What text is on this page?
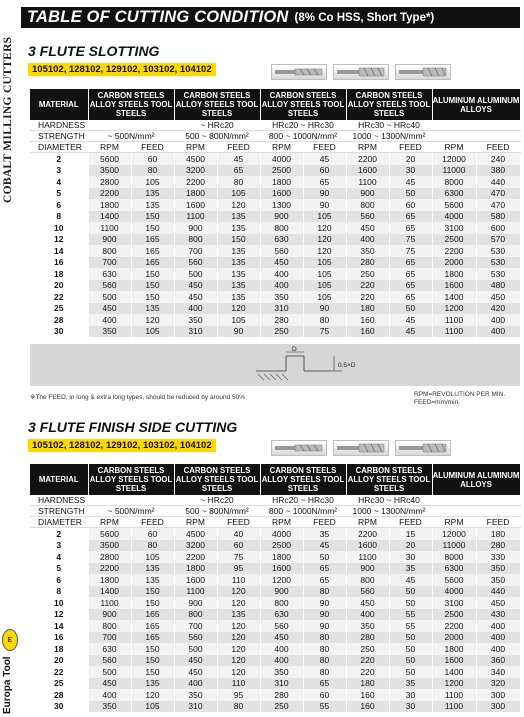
COBALT MILLING CUTTERS
TABLE OF CUTTING CONDITION (8% Co HSS, Short Type*)
3 FLUTE SLOTTING
105102, 128102, 129102, 103102, 104102
MATERIAL	CARBON STEELS ALLOY STEELS TOOL STEELS		CARBON STEELS ALLOY STEELS TOOL STEELS		CARBON STEELS ALLOY STEELS TOOL STEELS		CARBON STEELS ALLOY STEELS TOOL STEELS		ALUMINUM ALUMINUM ALLOYS	
HARDNESS			~ HRc20		HRc20 ~ HRc30		HRc30 ~ HRc40			
STRENGTH	~ 500N/mm²		500 ~ 800N/mm²		800 ~ 1000N/mm²		1000 ~ 1300N/mm²			
DIAMETER	RPM	FEED	RPM	FEED	RPM	FEED	RPM	FEED	RPM	FEED
2	5600	60	4500	45	4000	45	2200	20	12000	240
3	3500	80	3200	65	2500	60	1600	30	11000	380
4	2800	105	2200	80	1800	65	1100	45	8000	440
5	2200	135	1800	105	1600	90	900	50	6300	470
6	1800	135	1600	120	1300	90	800	60	5600	470
8	1400	150	1100	135	900	105	560	65	4000	580
10	1100	150	900	135	800	120	450	65	3100	600
12	900	165	800	150	630	120	400	75	2500	570
14	800	165	700	135	560	120	350	75	2200	530
16	700	165	560	135	450	105	280	65	2000	530
18	630	150	500	135	400	105	250	65	1800	530
20	560	150	450	135	400	105	220	65	1600	480
22	500	150	450	135	350	105	220	65	1400	450
25	450	135	400	120	310	90	180	50	1200	420
28	400	120	350	105	280	80	160	45	1100	400
30	350	105	310	90	250	75	160	45	1100	400
D
0.5×D
※The FEED, in long & extra long types, should be reduced by around 50%	RPM=REVOLUTION PER MIN.
FEED=mm/min.
3 FLUTE FINISH SIDE CUTTING
105102, 128102, 129102, 103102, 104102
MATERIAL	CARBON STEELS ALLOY STEELS TOOL STEELS		CARBON STEELS ALLOY STEELS TOOL STEELS		CARBON STEELS ALLOY STEELS TOOL STEELS		CARBON STEELS ALLOY STEELS TOOL STEELS		ALUMINUM ALUMINUM ALLOYS	
HARDNESS			~ HRc20		HRc20 ~ HRc30		HRc30 ~ HRc40			
STRENGTH	~ 500N/mm²		500 ~ 800N/mm²		800 ~ 1000N/mm²		1000 ~ 1300N/mm²			
DIAMETER	RPM	FEED	RPM	FEED	RPM	FEED	RPM	FEED	RPM	FEED
2	5600	60	4500	40	4000	35	2200	15	12000	180
3	3500	80	3200	60	2500	45	1600	20	11000	280
4	2800	105	2200	75	1800	50	1100	30	8000	330
5	2200	135	1800	95	1600	65	900	35	6300	350
6	1800	135	1600	110	1200	65	800	45	5600	350
8	1400	150	1100	120	900	80	560	50	4000	440
10	1100	150	900	120	800	90	450	50	3100	450
12	900	165	800	135	630	90	400	55	2500	430
14	800	165	700	120	560	90	350	55	2200	400
16	700	165	560	120	450	80	280	50	2000	400
18	630	150	500	120	400	80	250	50	1800	400
20	560	150	450	120	400	80	220	50	1600	360
22	500	150	450	120	350	80	220	50	1400	340
25	450	135	400	110	310	65	180	35	1200	320
28	400	120	350	95	280	60	160	30	1100	300
30	350	105	310	80	250	55	160	30	1100	300
E
Europa Tool
